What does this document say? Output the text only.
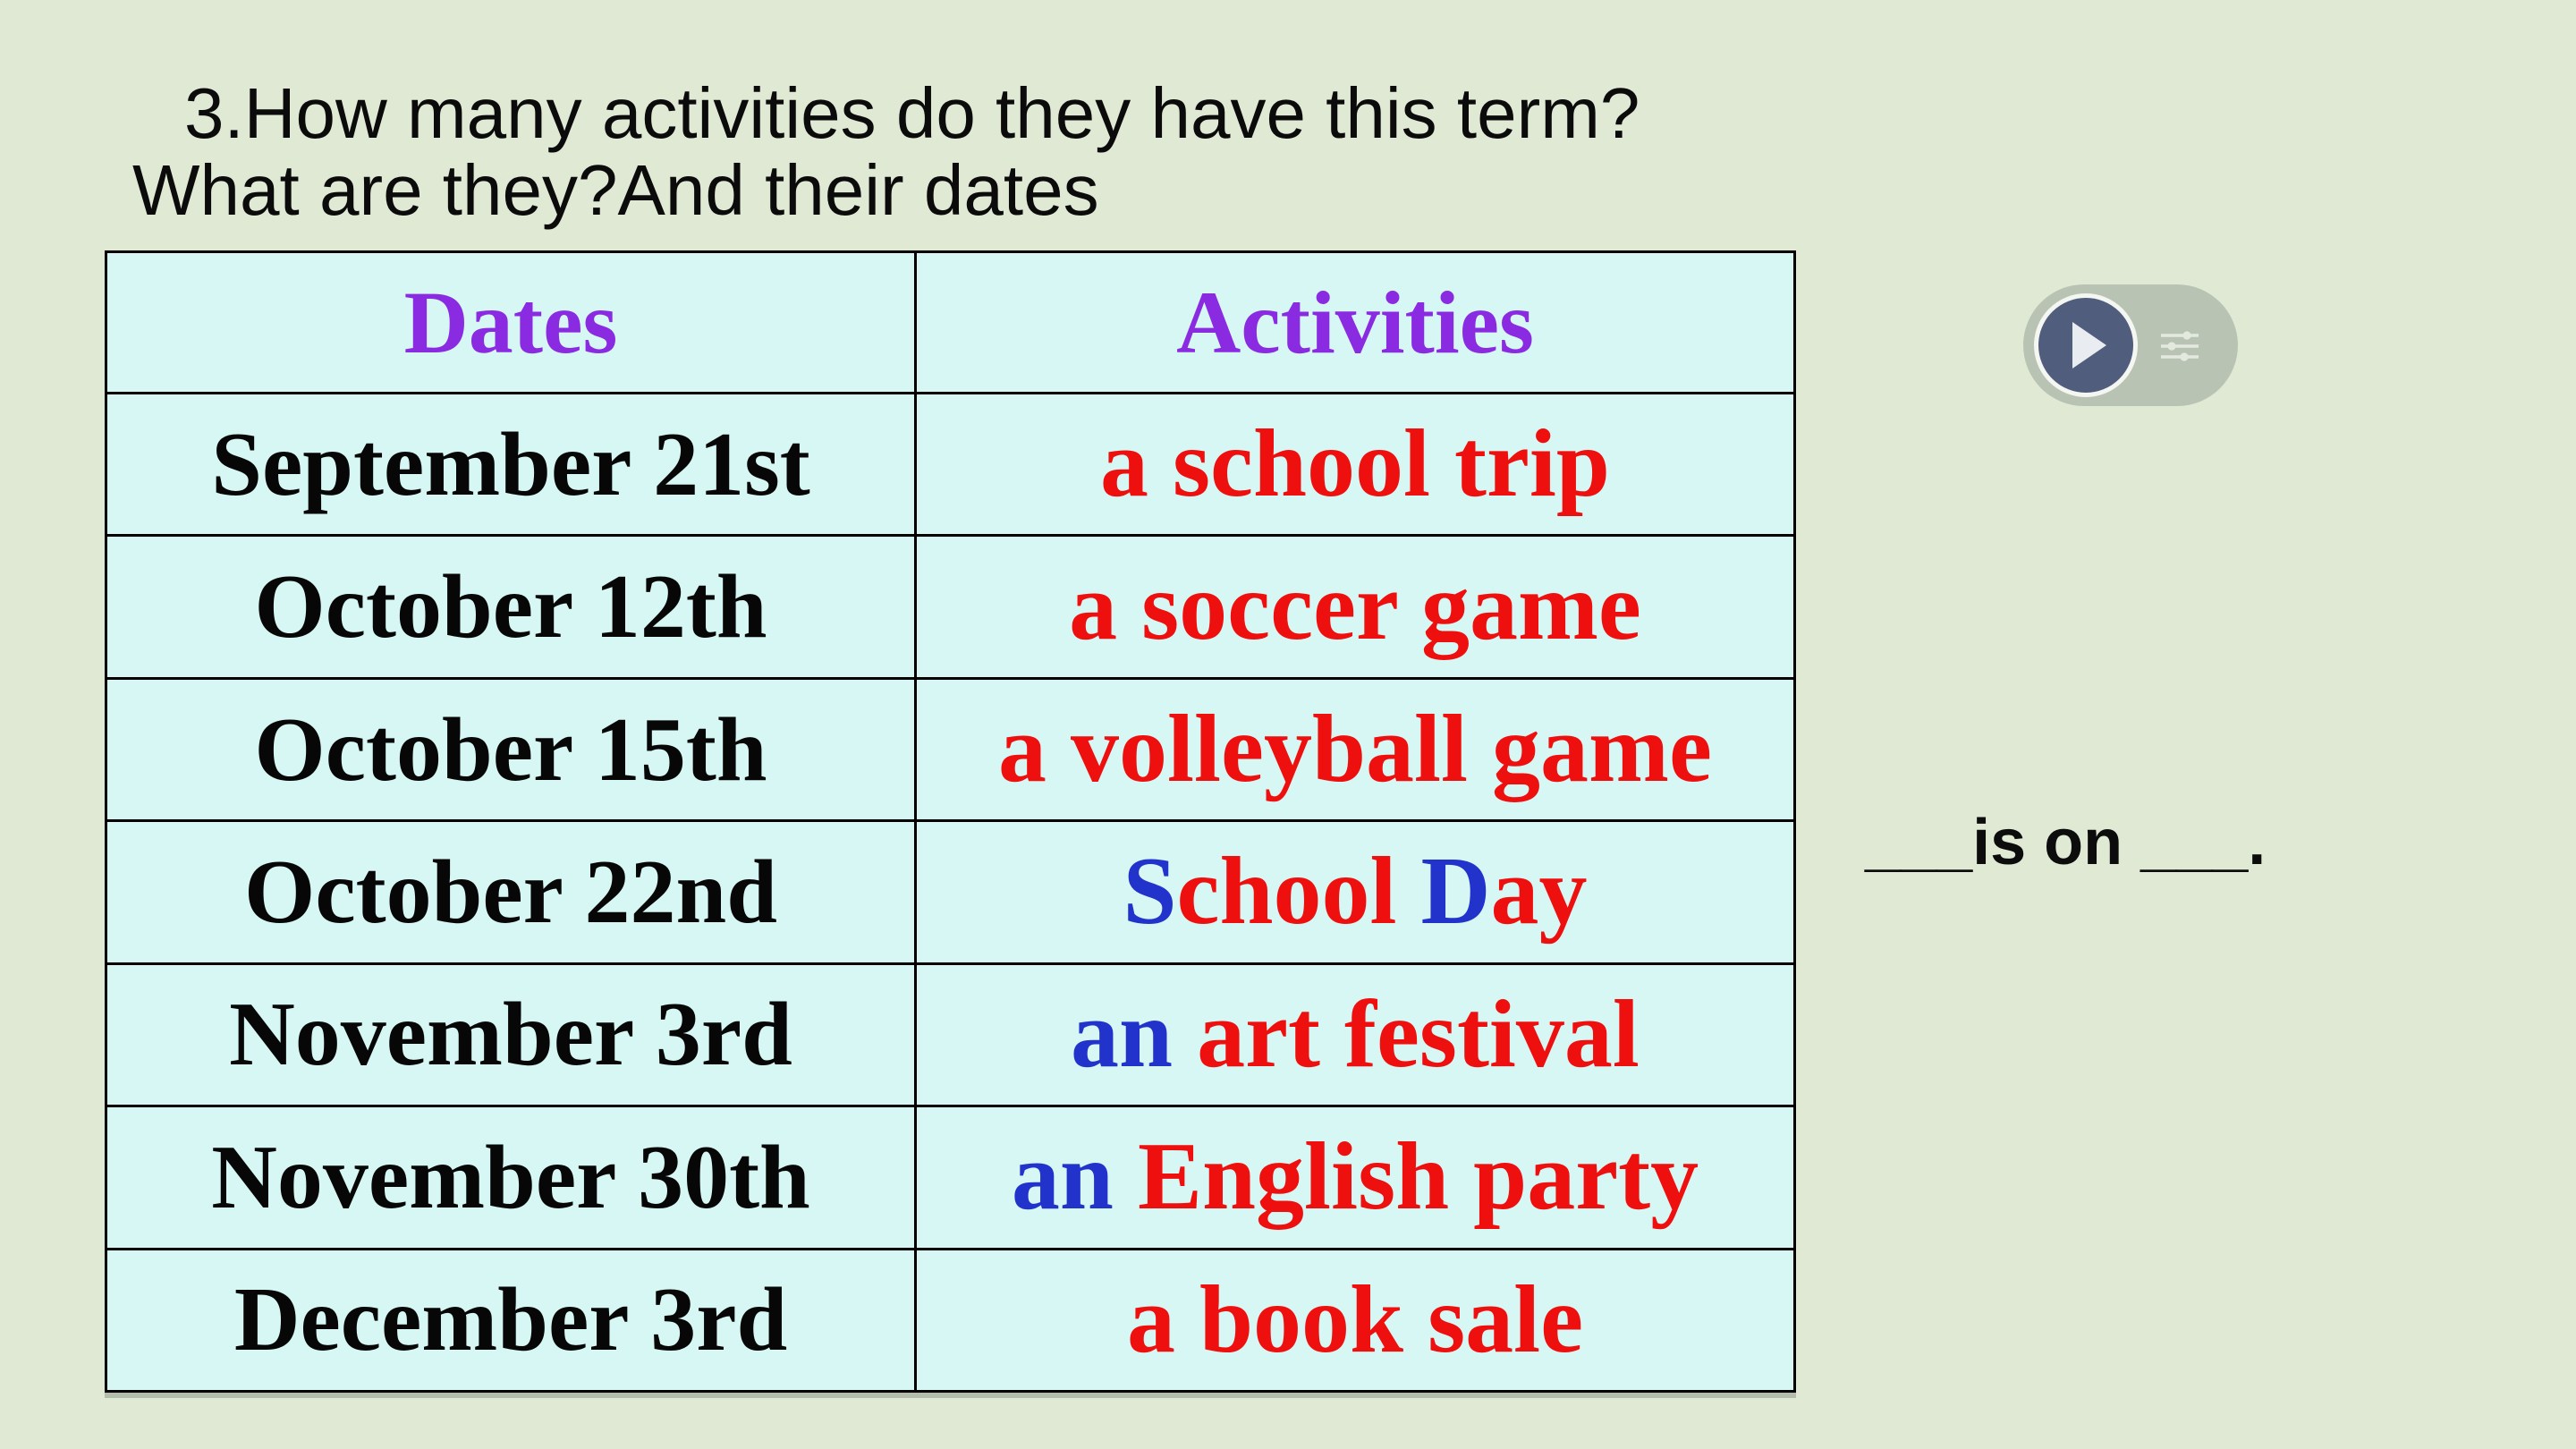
3.How many activities do they have this term?
What are they?And their dates
Dates	Activities
September 21st	a school trip
October 12th	a soccer game
October 15th	a volleyball game
October 22nd	School Day
November 3rd	an art festival
November 30th	an English party
December 3rd	a book sale
___is on ___.
